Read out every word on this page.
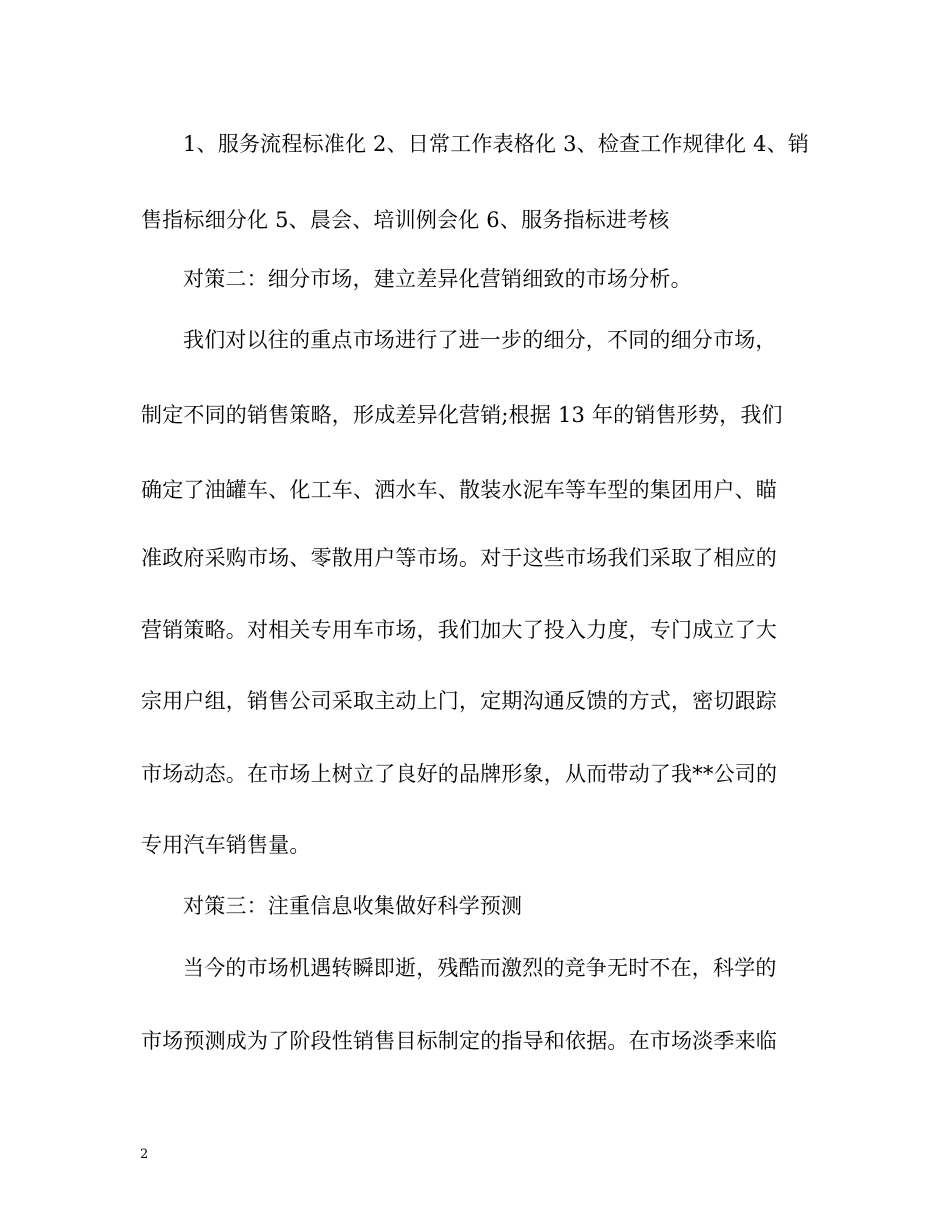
1、服务流程标准化 2、日常工作表格化 3、检查工作规律化 4、销
售指标细分化 5、晨会、培训例会化 6、服务指标进考核
对策二：细分市场，建立差异化营销细致的市场分析。
我们对以往的重点市场进行了进一步的细分，不同的细分市场，
制定不同的销售策略，形成差异化营销;根据 13 年的销售形势，我们
确定了油罐车、化工车、洒水车、散装水泥车等车型的集团用户、瞄
准政府采购市场、零散用户等市场。对于这些市场我们采取了相应的
营销策略。对相关专用车市场，我们加大了投入力度，专门成立了大
宗用户组，销售公司采取主动上门，定期沟通反馈的方式，密切跟踪
市场动态。在市场上树立了良好的品牌形象，从而带动了我**公司的
专用汽车销售量。
对策三：注重信息收集做好科学预测
当今的市场机遇转瞬即逝，残酷而激烈的竞争无时不在，科学的
市场预测成为了阶段性销售目标制定的指导和依据。在市场淡季来临
2
